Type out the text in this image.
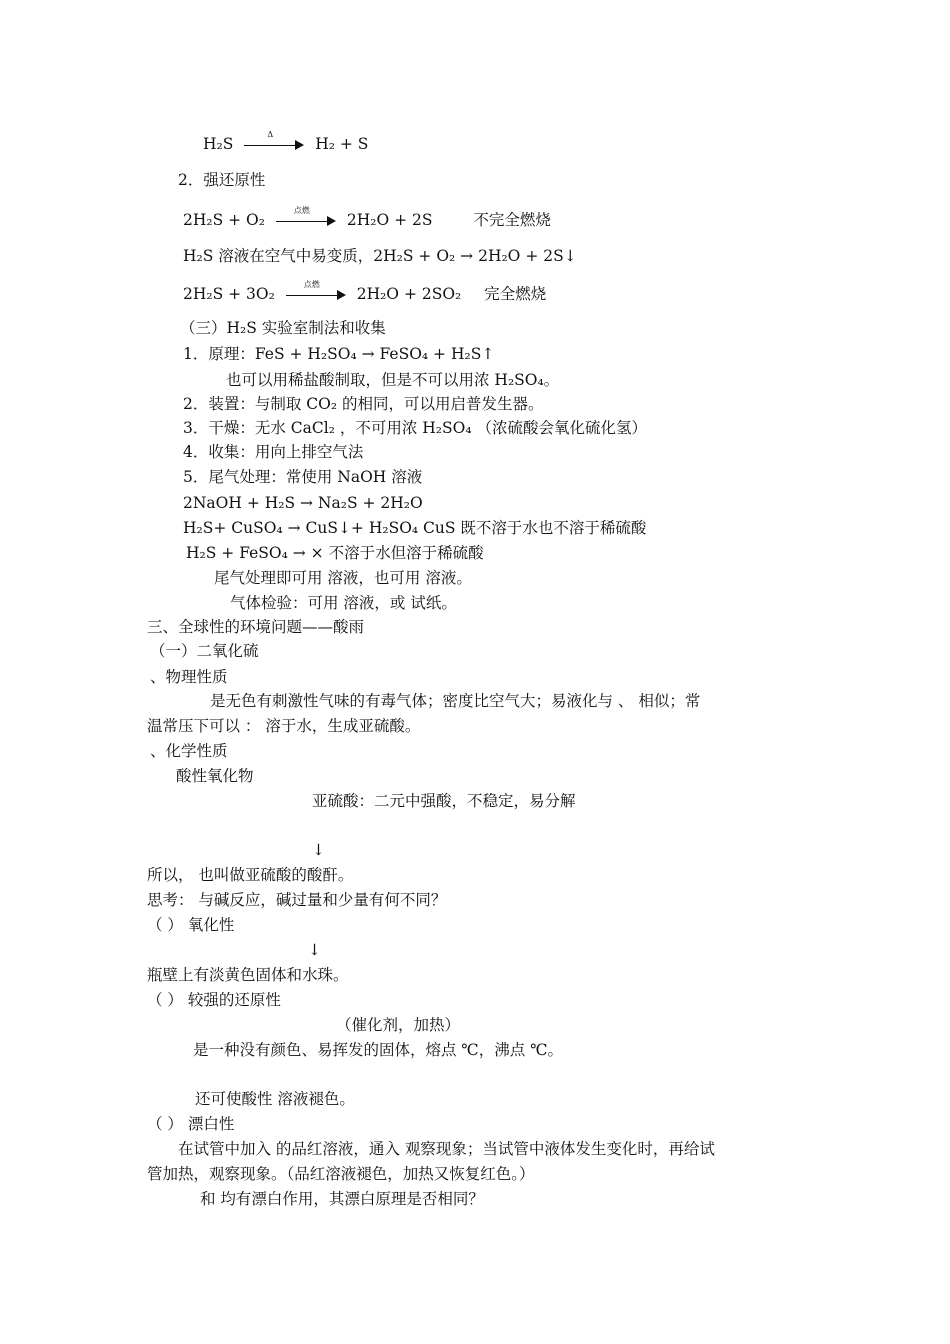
H₂S
Δ
H₂ + S
2．强还原性
2H₂S + O₂
点燃
2H₂O + 2S	不完全燃烧
H₂S 溶液在空气中易变质，2H₂S + O₂ → 2H₂O + 2S↓
2H₂S + 3O₂
点燃
2H₂O + 2SO₂ 完全燃烧
（三）H₂S 实验室制法和收集
1．原理：FeS + H₂SO₄ → FeSO₄ + H₂S↑
也可以用稀盐酸制取，但是不可以用浓 H₂SO₄。
2．装置：与制取 CO₂ 的相同，可以用启普发生器。
3．干燥：无水 CaCl₂ ，不可用浓 H₂SO₄ （浓硫酸会氧化硫化氢）
4．收集：用向上排空气法
5．尾气处理：常使用 NaOH 溶液
2NaOH + H₂S → Na₂S + 2H₂O
H₂S+ CuSO₄ → CuS↓+ H₂SO₄ CuS 既不溶于水也不溶于稀硫酸
H₂S + FeSO₄ → × 不溶于水但溶于稀硫酸
尾气处理即可用 溶液，也可用 溶液。
气体检验：可用 溶液，或 试纸。
三、全球性的环境问题——酸雨
（一）二氧化硫
、物理性质
是无色有刺激性气味的有毒气体；密度比空气大；易液化与 、 相似；常
温常压下可以 ： 溶于水，生成亚硫酸。
、化学性质
酸性氧化物
亚硫酸：二元中强酸，不稳定，易分解
↓
所以， 也叫做亚硫酸的酸酐。
思考： 与碱反应，碱过量和少量有何不同？
（ ） 氧化性
↓
瓶壁上有淡黄色固体和水珠。
（ ） 较强的还原性
（催化剂，加热）
是一种没有颜色、易挥发的固体，熔点 ℃，沸点 ℃。
还可使酸性 溶液褪色。
（ ） 漂白性
在试管中加入 的品红溶液，通入 观察现象；当试管中液体发生变化时，再给试
管加热，观察现象。（品红溶液褪色，加热又恢复红色。）
和 均有漂白作用，其漂白原理是否相同？
